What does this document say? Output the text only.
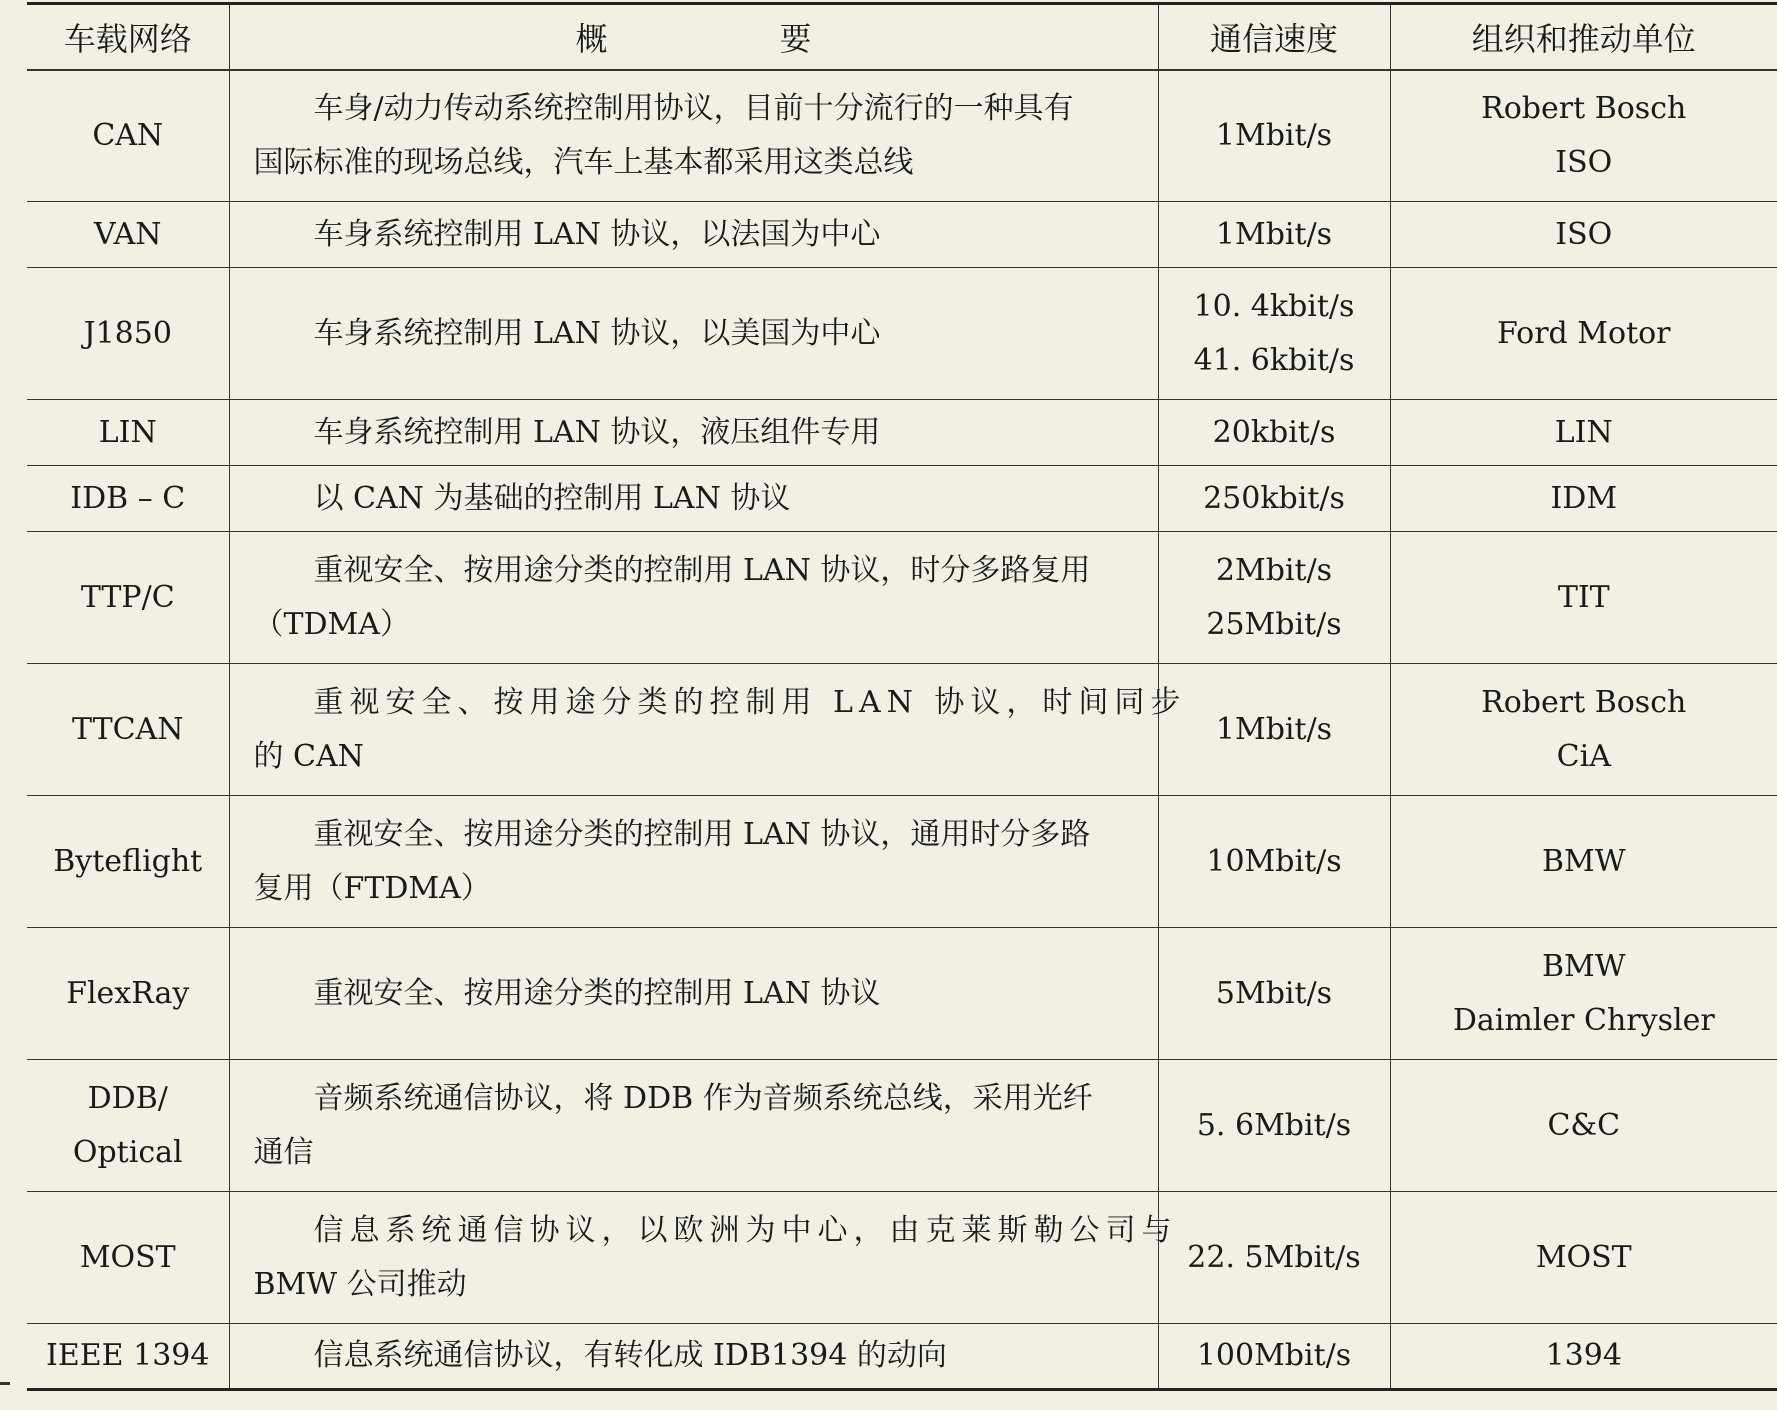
车载网络	概　要	通信速度	组织和推动单位

CAN	车身/动力传动系统控制用协议，目前十分流行的一种具有
国际标准的现场总线，汽车上基本都采用这类总线	1Mbit/s	Robert Bosch
ISO

VAN	车身系统控制用 LAN 协议，以法国为中心	1Mbit/s	ISO

J1850	车身系统控制用 LAN 协议，以美国为中心	10. 4kbit/s
41. 6kbit/s	Ford Motor

LIN	车身系统控制用 LAN 协议，液压组件专用	20kbit/s	LIN

IDB – C	以 CAN 为基础的控制用 LAN 协议	250kbit/s	IDM

TTP/C	重视安全、按用途分类的控制用 LAN 协议，时分多路复用
（TDMA）	2Mbit/s
25Mbit/s	TIT

TTCAN	重视安全、按用途分类的控制用 LAN 协议，时间同步
的 CAN	1Mbit/s	Robert Bosch
CiA

Byteflight	重视安全、按用途分类的控制用 LAN 协议，通用时分多路
复用（FTDMA）	10Mbit/s	BMW

FlexRay	重视安全、按用途分类的控制用 LAN 协议	5Mbit/s	BMW
Daimler Chrysler

DDB/
Optical	音频系统通信协议，将 DDB 作为音频系统总线，采用光纤
通信	5. 6Mbit/s	C&C

MOST	信息系统通信协议，以欧洲为中心，由克莱斯勒公司与
BMW 公司推动	22. 5Mbit/s	MOST

IEEE 1394	信息系统通信协议，有转化成 IDB1394 的动向	100Mbit/s	1394
